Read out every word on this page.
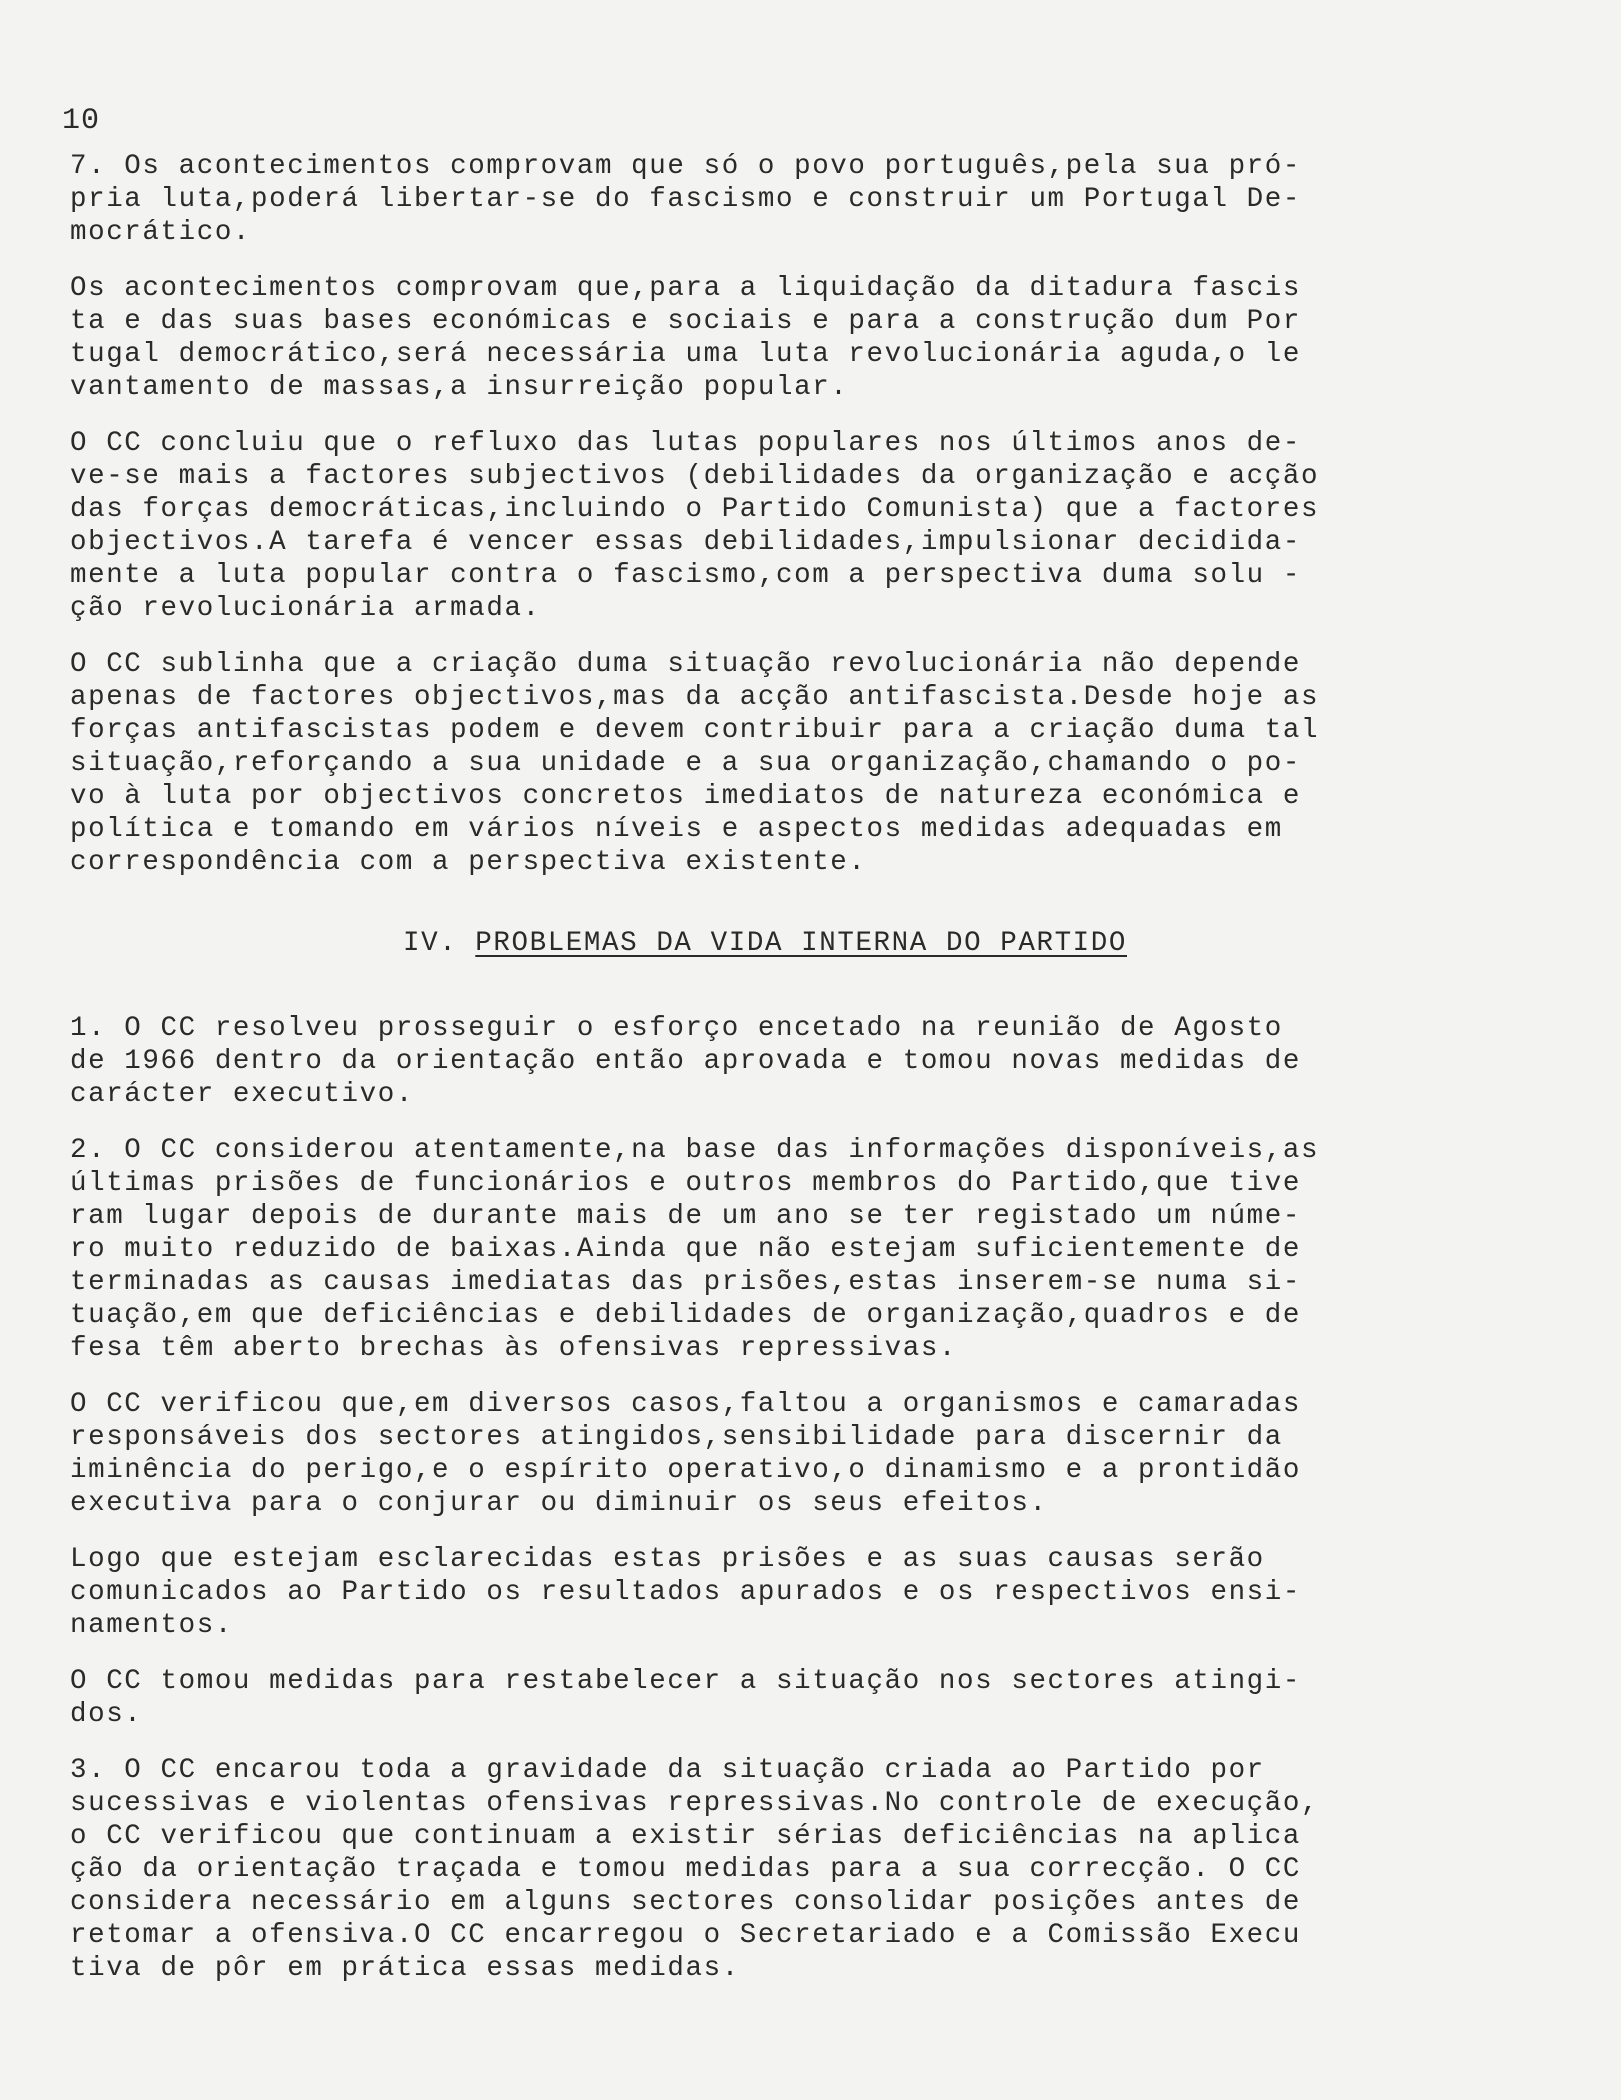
10
7. Os acontecimentos comprovam que só o povo português,pela sua pró-
pria luta,poderá libertar-se do fascismo e construir um Portugal De-
mocrático.
Os acontecimentos comprovam que,para a liquidação da ditadura fascis
ta e das suas bases económicas e sociais e para a construção dum Por
tugal democrático,será necessária uma luta revolucionária aguda,o le
vantamento de massas,a insurreição popular.
O CC concluiu que o refluxo das lutas populares nos últimos anos de-
ve-se mais a factores subjectivos (debilidades da organização e acção
das forças democráticas,incluindo o Partido Comunista) que a factores
objectivos.A tarefa é vencer essas debilidades,impulsionar decidida-
mente a luta popular contra o fascismo,com a perspectiva duma solu -
ção revolucionária armada.
O CC sublinha que a criação duma situação revolucionária não depende
apenas de factores objectivos,mas da acção antifascista.Desde hoje as
forças antifascistas podem e devem contribuir para a criação duma tal
situação,reforçando a sua unidade e a sua organização,chamando o po-
vo à luta por objectivos concretos imediatos de natureza económica e
política e tomando em vários níveis e aspectos medidas adequadas em
correspondência com a perspectiva existente.
IV. PROBLEMAS DA VIDA INTERNA DO PARTIDO
1. O CC resolveu prosseguir o esforço encetado na reunião de Agosto
de 1966 dentro da orientação então aprovada e tomou novas medidas de
carácter executivo.
2. O CC considerou atentamente,na base das informações disponíveis,as
últimas prisões de funcionários e outros membros do Partido,que tive
ram lugar depois de durante mais de um ano se ter registado um núme-
ro muito reduzido de baixas.Ainda que não estejam suficientemente de
terminadas as causas imediatas das prisões,estas inserem-se numa si-
tuação,em que deficiências e debilidades de organização,quadros e de
fesa têm aberto brechas às ofensivas repressivas.
O CC verificou que,em diversos casos,faltou a organismos e camaradas
responsáveis dos sectores atingidos,sensibilidade para discernir da
iminência do perigo,e o espírito operativo,o dinamismo e a prontidão
executiva para o conjurar ou diminuir os seus efeitos.
Logo que estejam esclarecidas estas prisões e as suas causas serão
comunicados ao Partido os resultados apurados e os respectivos ensi-
namentos.
O CC tomou medidas para restabelecer a situação nos sectores atingi-
dos.
3. O CC encarou toda a gravidade da situação criada ao Partido por
sucessivas e violentas ofensivas repressivas.No controle de execução,
o CC verificou que continuam a existir sérias deficiências na aplica
ção da orientação traçada e tomou medidas para a sua correcção. O CC
considera necessário em alguns sectores consolidar posições antes de
retomar a ofensiva.O CC encarregou o Secretariado e a Comissão Execu
tiva de pôr em prática essas medidas.
